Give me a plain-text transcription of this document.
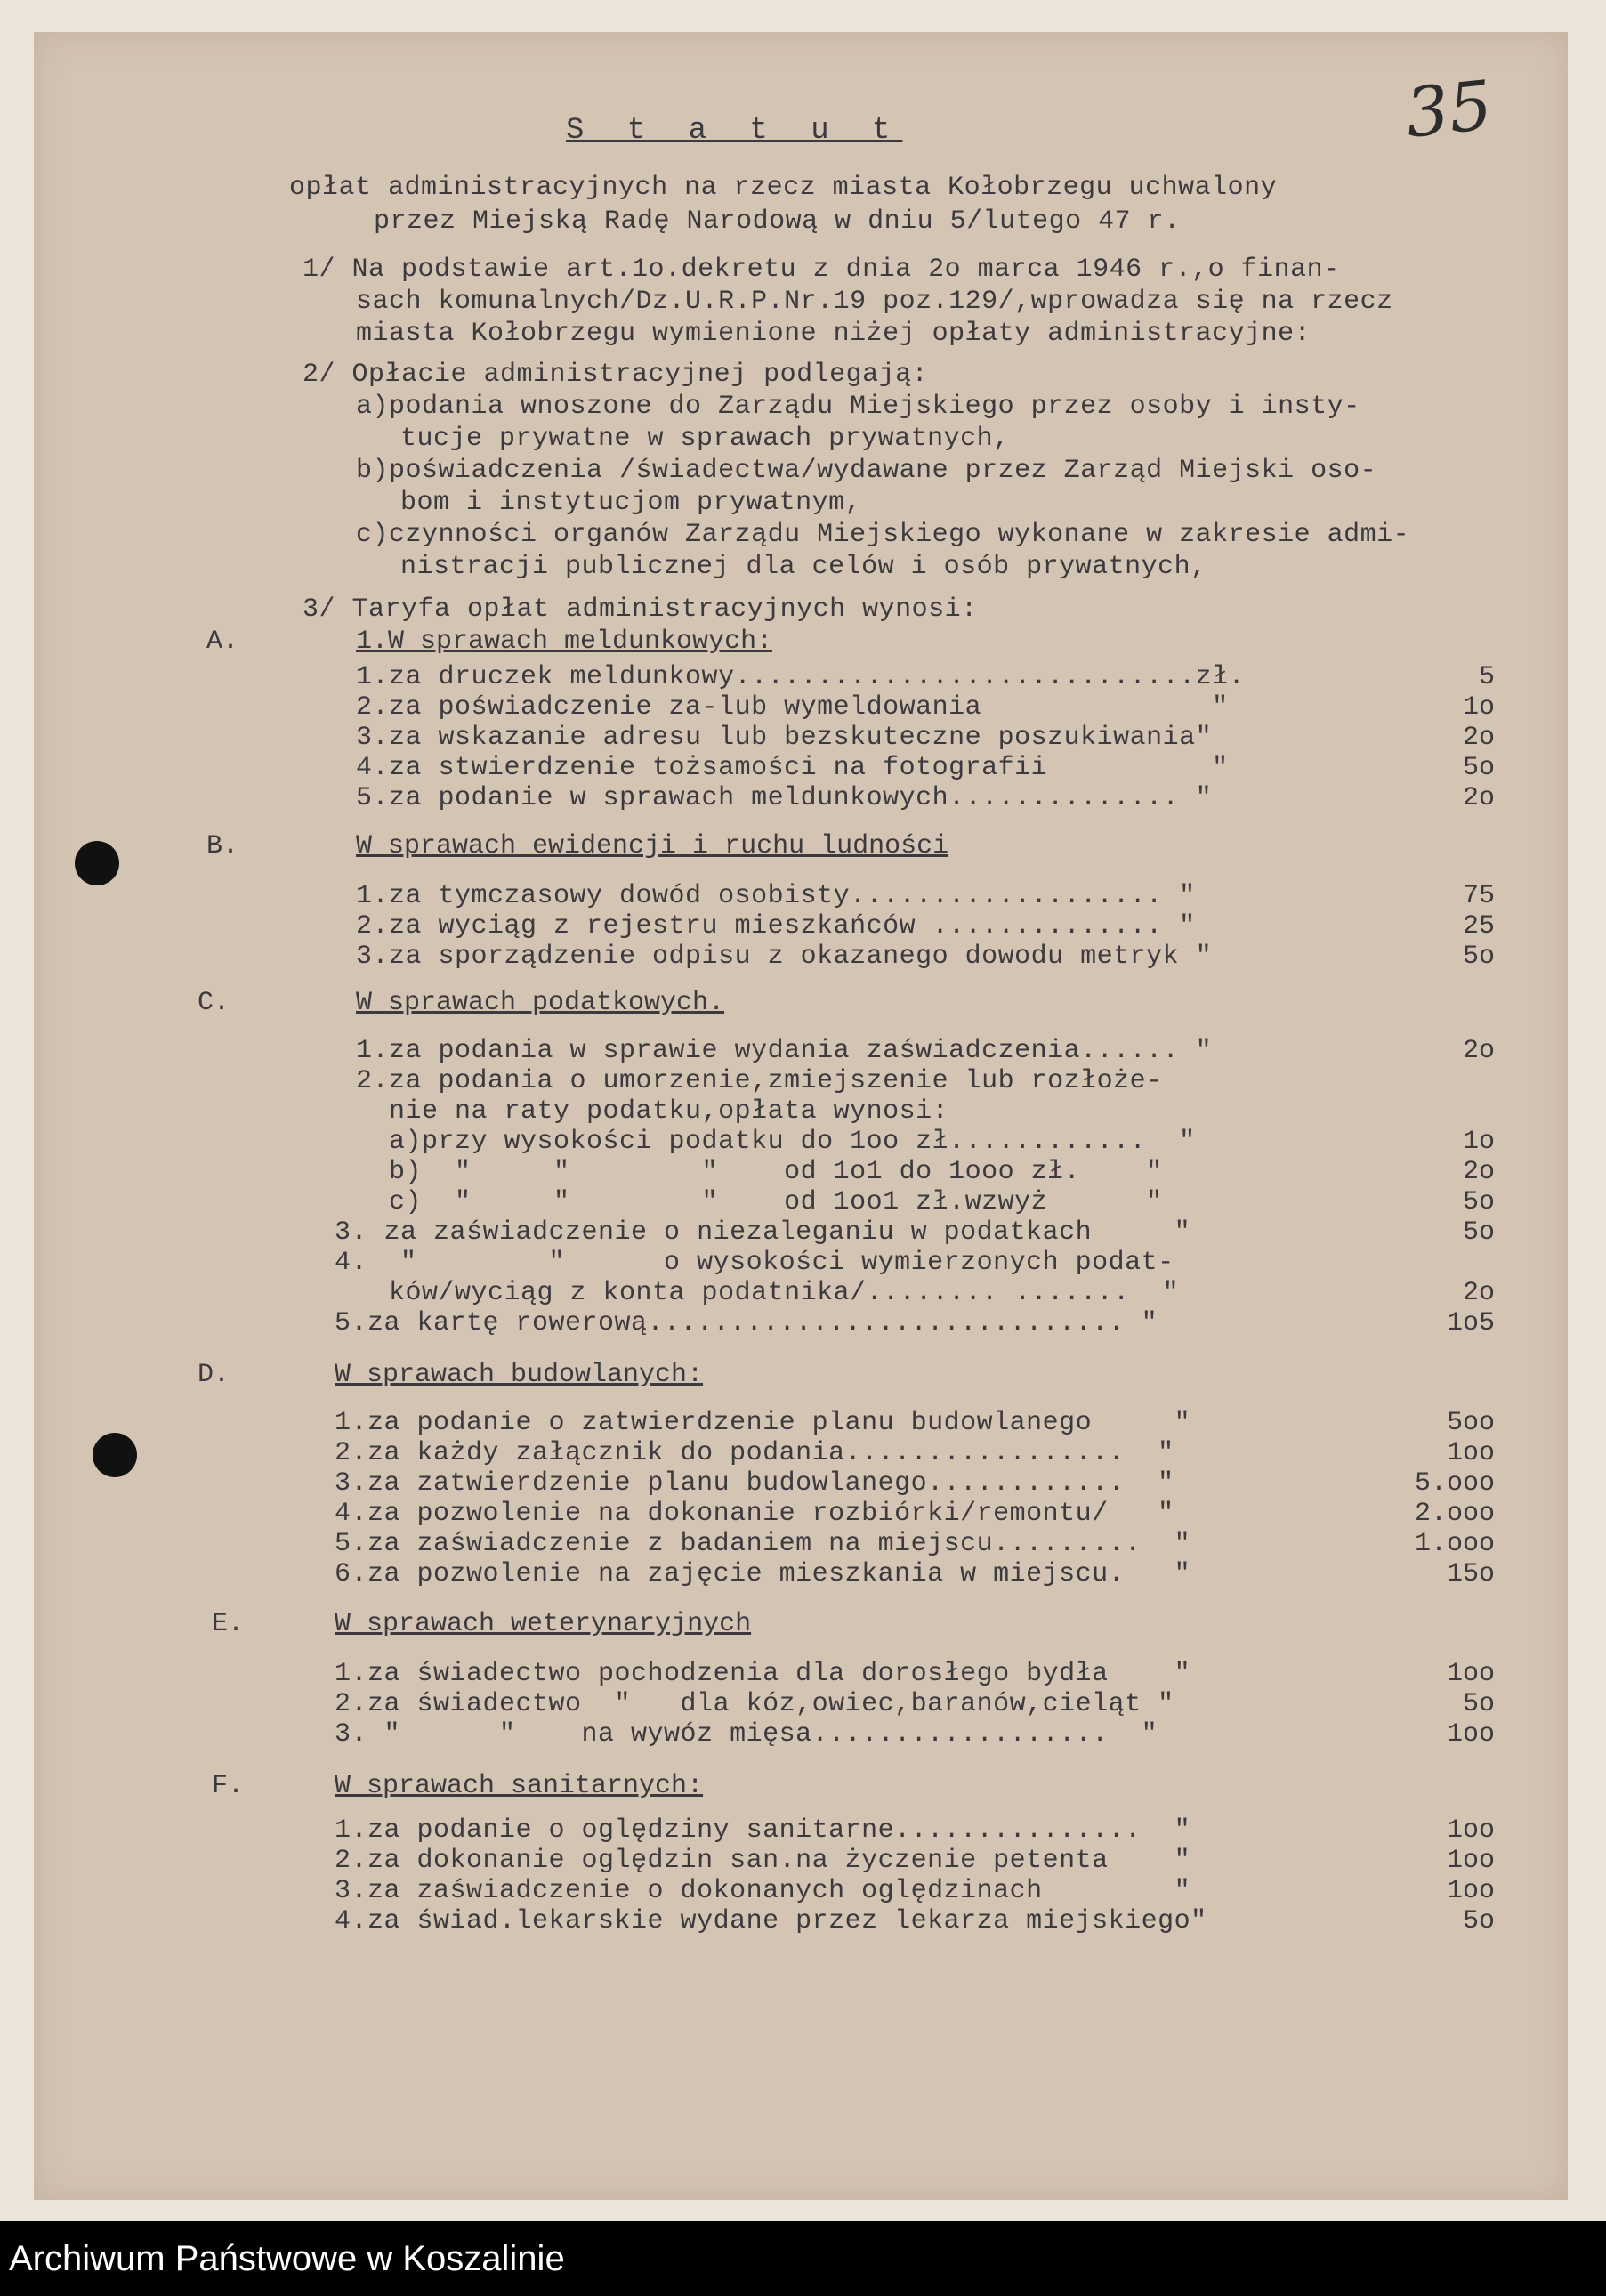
35
S t a t u t
opłat administracyjnych na rzecz miasta Kołobrzegu uchwalony
przez Miejską Radę Narodową w dniu 5/lutego 47 r.
1/ Na podstawie art.1o.dekretu z dnia 2o marca 1946 r.,o finan-
sach komunalnych/Dz.U.R.P.Nr.19 poz.129/,wprowadza się na rzecz
miasta Kołobrzegu wymienione niżej opłaty administracyjne:
2/ Opłacie administracyjnej podlegają:
a)podania wnoszone do Zarządu Miejskiego przez osoby i insty-
tucje prywatne w sprawach prywatnych,
b)poświadczenia /świadectwa/wydawane przez Zarząd Miejski oso-
bom i instytucjom prywatnym,
c)czynności organów Zarządu Miejskiego wykonane w zakresie admi-
nistracji publicznej dla celów i osób prywatnych,
3/ Taryfa opłat administracyjnych wynosi:
A.	1.W sprawach meldunkowych:
1.za druczek meldunkowy............................zł.	5
2.za poświadczenie za-lub wymeldowania              "	1o
3.za wskazanie adresu lub bezskuteczne poszukiwania"	2o
4.za stwierdzenie tożsamości na fotografii          "	5o
5.za podanie w sprawach meldunkowych.............. "	2o
B.	W sprawach ewidencji i ruchu ludności
1.za tymczasowy dowód osobisty................... "	75
2.za wyciąg z rejestru mieszkańców .............. "	25
3.za sporządzenie odpisu z okazanego dowodu metryk "	5o
C.	W sprawach podatkowych.
1.za podania w sprawie wydania zaświadczenia...... "	2o
2.za podania o umorzenie,zmiejszenie lub rozłoże-
nie na raty podatku,opłata wynosi:
a)przy wysokości podatku do 1oo zł............  "	1o
b)  "     "        "    od 1o1 do 1ooo zł.    "	2o
c)  "     "        "    od 1oo1 zł.wzwyż      "	5o
3. za zaświadczenie o niezaleganiu w podatkach     "	5o
4.  "        "      o wysokości wymierzonych podat-
ków/wyciąg z konta podatnika/........ .......  "	2o
5.za kartę rowerową............................. "	1o5
D.	W sprawach budowlanych:
1.za podanie o zatwierdzenie planu budowlanego     "	5oo
2.za każdy załącznik do podania.................  "	1oo
3.za zatwierdzenie planu budowlanego............  "	5.ooo
4.za pozwolenie na dokonanie rozbiórki/remontu/   "	2.ooo
5.za zaświadczenie z badaniem na miejscu.........  "	1.ooo
6.za pozwolenie na zajęcie mieszkania w miejscu.   "	15o
E.	W sprawach weterynaryjnych
1.za świadectwo pochodzenia dla dorosłego bydła    "	1oo
2.za świadectwo  "   dla kóz,owiec,baranów,cieląt "	5o
3. "      "    na wywóz mięsa..................  "	1oo
F.	W sprawach sanitarnych:
1.za podanie o oględziny sanitarne...............  "	1oo
2.za dokonanie oględzin san.na życzenie petenta    "	1oo
3.za zaświadczenie o dokonanych oględzinach        "	1oo
4.za świad.lekarskie wydane przez lekarza miejskiego"	5o
Archiwum Państwowe w Koszalinie
